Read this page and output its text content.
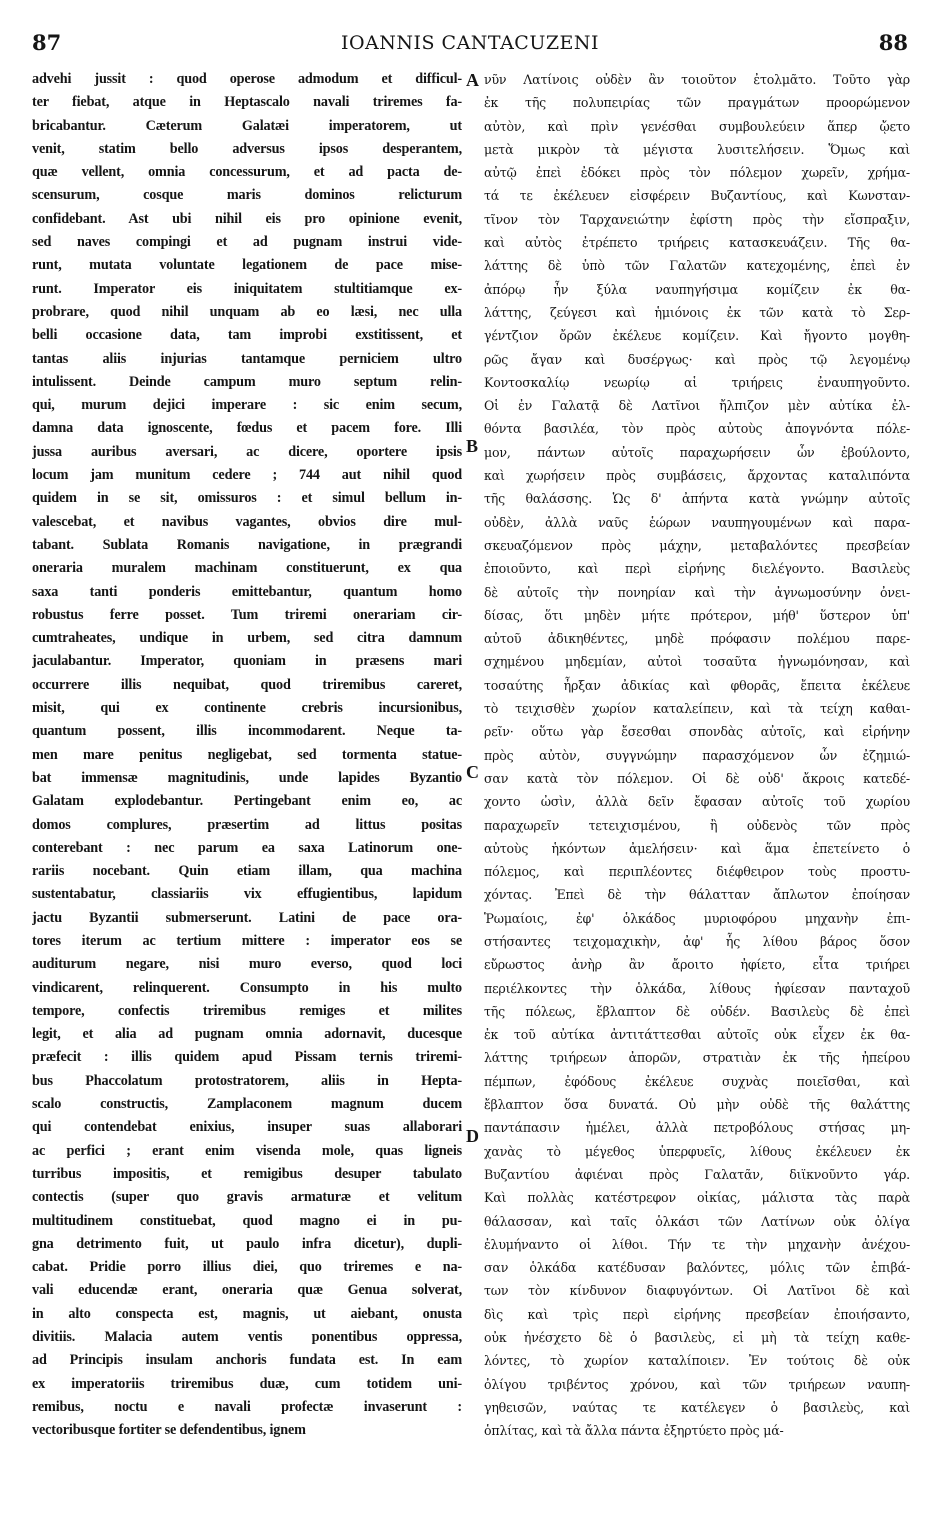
87	IOANNIS CANTACUZENI	88
advehi jussit : quod operose admodum et difficul-
ter fiebat, atque in Heptascalo navali triremes fa-
bricabantur. Cæterum Galatæi imperatorem, ut
venit, statim bello adversus ipsos desperantem,
quæ vellent, omnia concessurum, et ad pacta de-
scensurum, cosque maris dominos relicturum
confidebant. Ast ubi nihil eis pro opinione evenit,
sed naves compingi et ad pugnam instrui vide-
runt, mutata voluntate legationem de pace mise-
runt. Imperator eis iniquitatem stultitiamque ex-
probrare, quod nihil unquam ab eo læsi, nec ulla
belli occasione data, tam improbi exstitissent, et
tantas aliis injurias tantamque perniciem ultro
intulissent. Deinde campum muro septum relin-
qui, murum dejici imperare : sic enim secum,
damna data ignoscente, fœdus et pacem fore. Illi
jussa auribus aversari, ac dicere, oportere ipsis
locum jam munitum cedere ; 744 aut nihil quod
quidem in se sit, omissuros : et simul bellum in-
valescebat, et navibus vagantes, obvios dire mul-
tabant. Sublata Romanis navigatione, in prægrandi
oneraria muralem machinam constituerunt, ex qua
saxa tanti ponderis emittebantur, quantum homo
robustus ferre posset. Tum triremi onerariam cir-
cumtraheates, undique in urbem, sed citra damnum
jaculabantur. Imperator, quoniam in præsens mari
occurrere illis nequibat, quod triremibus careret,
misit, qui ex continente crebris incursionibus,
quantum possent, illis incommodarent. Neque ta-
men mare penitus negligebat, sed tormenta statue-
bat immensæ magnitudinis, unde lapides Byzantio
Galatam explodebantur. Pertingebant enim eo, ac
domos complures, præsertim ad littus positas
conterebant : nec parum ea saxa Latinorum one-
rariis nocebant. Quin etiam illam, qua machina
sustentabatur, classiariis vix effugientibus, lapidum
jactu Byzantii submerserunt. Latini de pace ora-
tores iterum ac tertium mittere : imperator eos se
auditurum negare, nisi muro everso, quod loci
vindicarent, relinquerent. Consumpto in his multo
tempore, confectis triremibus remiges et milites
legit, et alia ad pugnam omnia adornavit, ducesque
præfecit : illis quidem apud Pissam ternis triremi-
bus Phaccolatum protostratorem, aliis in Hepta-
scalo constructis, Zamplaconem magnum ducem
qui contendebat enixius, insuper suas allaborari
ac perfici ; erant enim visenda mole, quas ligneis
turribus impositis, et remigibus desuper tabulato
contectis (super quo gravis armaturæ et velitum
multitudinem constituebat, quod magno ei in pu-
gna detrimento fuit, ut paulo infra dicetur), dupli-
cabat. Pridie porro illius diei, quo triremes e na-
vali educendæ erant, oneraria quæ Genua solverat,
in alto conspecta est, magnis, ut aiebant, onusta
divitiis. Malacia autem ventis ponentibus oppressa,
ad Principis insulam anchoris fundata est. In eam
ex imperatoriis triremibus duæ, cum totidem uni-
remibus, noctu e navali profectæ invaserunt :
vectoribusque fortiter se defendentibus, ignem
νῦν Λατίνοις οὐδὲν ἂν τοιοῦτον ἐτολμᾶτο. Τοῦτο γὰρ
ἐκ τῆς πολυπειρίας τῶν πραγμάτων προορώμενον
αὐτὸν, καὶ πρὶν γενέσθαι συμβουλεύειν ἅπερ ᾤετο
μετὰ μικρὸν τὰ μέγιστα λυσιτελήσειν. Ὅμως καὶ
αὐτῷ ἐπεὶ ἐδόκει πρὸς τὸν πόλεμον χωρεῖν, χρήμα-
τά τε ἐκέλευεν εἰσφέρειν Βυζαντίους, καὶ Κωνσταν-
τῖνον τὸν Ταρχανειώτην ἐφίστη πρὸς τὴν εἴσπραξιν,
καὶ αὐτὸς ἐτρέπετο τριήρεις κατασκευάζειν. Τῆς θα-
λάττης δὲ ὑπὸ τῶν Γαλατῶν κατεχομένης, ἐπεὶ ἐν
ἀπόρῳ ἦν ξύλα ναυπηγήσιμα κομίζειν ἐκ θα-
λάττης, ζεύγεσι καὶ ἡμιόνοις ἐκ τῶν κατὰ τὸ Σερ-
γέντζιον ὄρῶν ἐκέλευε κομίζειν. Καὶ ἤγοντο μογθη-
ρῶς ἄγαν καὶ δυσέργως· καὶ πρὸς τῷ λεγομένῳ
Κοντοσκαλίῳ νεωρίῳ αἱ τριήρεις ἐναυπηγοῦντο.
Οἱ ἐν Γαλατᾷ δὲ Λατῖνοι ἤλπιζον μὲν αὐτίκα ἐλ-
θόντα βασιλέα, τὸν πρὸς αὐτοὺς ἀπογνόντα πόλε-
μον, πάντων αὐτοῖς παραχωρήσειν ὧν ἐβούλοντο,
καὶ χωρήσειν πρὸς συμβάσεις, ἄρχοντας καταλιπόντα
τῆς θαλάσσης. Ὡς δ' ἀπήντα κατὰ γνώμην αὐτοῖς
οὐδὲν, ἀλλὰ ναῦς ἑώρων ναυπηγουμένων καὶ παρα-
σκευαζόμενον πρὸς μάχην, μεταβαλόντες πρεσβείαν
ἐποιοῦντο, καὶ περὶ εἰρήνης διελέγοντο. Βασιλεὺς
δὲ αὐτοῖς τὴν πονηρίαν καὶ τὴν ἀγνωμοσύνην ὀνει-
δίσας, ὅτι μηδὲν μήτε πρότερον, μήθ' ὕστερον ὑπ'
αὐτοῦ ἀδικηθέντες, μηδὲ πρόφασιν πολέμου παρε-
σχημένου μηδεμίαν, αὐτοὶ τοσαῦτα ἠγνωμόνησαν, καὶ
τοσαύτης ἦρξαν ἀδικίας καὶ φθορᾶς, ἔπειτα ἐκέλευε
τὸ τειχισθὲν χωρίον καταλείπειν, καὶ τὰ τείχη καθαι-
ρεῖν· οὕτω γὰρ ἔσεσθαι σπονδὰς αὐτοῖς, καὶ εἰρήνην
πρὸς αὐτὸν, συγγνώμην παρασχόμενον ὧν ἐζημιώ-
σαν κατὰ τὸν πόλεμον. Οἱ δὲ οὐδ' ἄκροις κατεδέ-
χοντο ὠσὶν, ἀλλὰ δεῖν ἔφασαν αὐτοῖς τοῦ χωρίου
παραχωρεῖν τετειχισμένου, ἢ οὐδενὸς τῶν πρὸς
αὐτοὺς ἡκόντων ἀμελήσειν· καὶ ἅμα ἐπετείνετο ὁ
πόλεμος, καὶ περιπλέοντες διέφθειρον τοὺς προστυ-
χόντας. Ἐπεὶ δὲ τὴν θάλατταν ἄπλωτον ἐποίησαν
Ῥωμαίοις, ἐφ' ὁλκάδος μυριοφόρου μηχανὴν ἐπι-
στήσαντες τειχομαχικὴν, ἀφ' ἧς λίθου βάρος ὅσον
εὔρωστος ἀνὴρ ἂν ἄροιτο ἠφίετο, εἶτα τριήρει
περιέλκοντες τὴν ὁλκάδα, λίθους ἠφίεσαν πανταχοῦ
τῆς πόλεως, ἔβλαπτον δὲ οὐδέν. Βασιλεὺς δὲ ἐπεὶ
ἐκ τοῦ αὐτίκα ἀντιτάττεσθαι αὐτοῖς οὐκ εἶχεν ἐκ θα-
λάττης τριήρεων ἀπορῶν, στρατιὰν ἐκ τῆς ἠπείρου
πέμπων, ἐφόδους ἐκέλευε συχνὰς ποιεῖσθαι, καὶ
ἔβλαπτον ὅσα δυνατά. Οὐ μὴν οὐδὲ τῆς θαλάττης
παντάπασιν ἠμέλει, ἀλλὰ πετροβόλους στήσας μη-
χανὰς τὸ μέγεθος ὑπερφυεῖς, λίθους ἐκέλευεν ἐκ
Βυζαντίου ἀφιέναι πρὸς Γαλατᾶν, διϊκνοῦντο γάρ.
Καὶ πολλὰς κατέστρεφον οἰκίας, μάλιστα τὰς παρὰ
θάλασσαν, καὶ ταῖς ὁλκάσι τῶν Λατίνων οὐκ ὀλίγα
ἐλυμήναντο οἱ λίθοι. Τήν τε τὴν μηχανὴν ἀνέχου-
σαν ὁλκάδα κατέδυσαν βαλόντες, μόλις τῶν ἐπιβά-
των τὸν κίνδυνον διαφυγόντων. Οἱ Λατῖνοι δὲ καὶ
δὶς καὶ τρὶς περὶ εἰρήνης πρεσβείαν ἐποιήσαντο,
οὐκ ἠνέσχετο δὲ ὁ βασιλεὺς, εἰ μὴ τὰ τείχη καθε-
λόντες, τὸ χωρίον καταλίποιεν. Ἐν τούτοις δὲ οὐκ
ὀλίγου τριβέντος χρόνου, καὶ τῶν τριήρεων ναυπη-
γηθεισῶν, ναύτας τε κατέλεγεν ὁ βασιλεὺς, καὶ
ὁπλίτας, καὶ τὰ ἄλλα πάντα ἐξηρτύετο πρὸς μά-
A
B
C
D
